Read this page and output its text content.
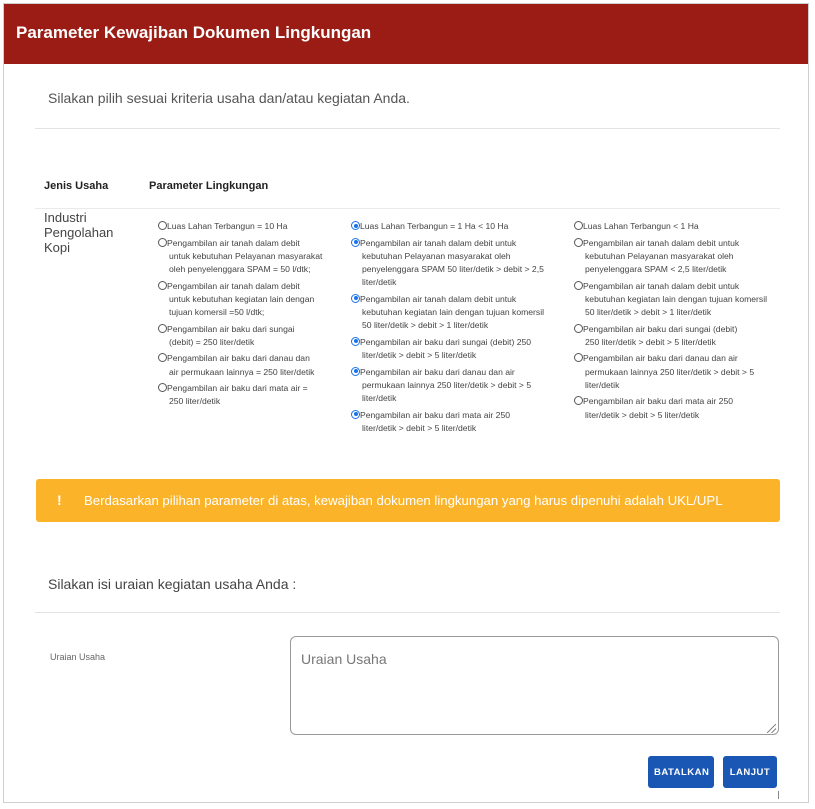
Parameter Kewajiban Dokumen Lingkungan
Silakan pilih sesuai kriteria usaha dan/atau kegiatan Anda.
Jenis Usaha	Parameter Lingkungan
Industri Pengolahan Kopi
Luas Lahan Terbangun = 10 Ha
Pengambilan air tanah dalam debit
untuk kebutuhan Pelayanan masyarakat oleh penyelenggara SPAM = 50 l/dtk;
Pengambilan air tanah dalam debit
untuk kebutuhan kegiatan lain dengan tujuan komersil =50 l/dtk;
Pengambilan air baku dari sungai
(debit) = 250 liter/detik
Pengambilan air baku dari danau dan
air permukaan lainnya = 250 liter/detik
Pengambilan air baku dari mata air =
250 liter/detik
Luas Lahan Terbangun = 1 Ha < 10 Ha
Pengambilan air tanah dalam debit untuk
kebutuhan Pelayanan masyarakat oleh penyelenggara SPAM 50 liter/detik > debit > 2,5 liter/detik
Pengambilan air tanah dalam debit untuk
kebutuhan kegiatan lain dengan tujuan komersil 50 liter/detik > debit > 1 liter/detik
Pengambilan air baku dari sungai (debit) 250
liter/detik > debit > 5 liter/detik
Pengambilan air baku dari danau dan air
permukaan lainnya 250 liter/detik > debit > 5 liter/detik
Pengambilan air baku dari mata air 250
liter/detik > debit > 5 liter/detik
Luas Lahan Terbangun < 1 Ha
Pengambilan air tanah dalam debit untuk
kebutuhan Pelayanan masyarakat oleh penyelenggara SPAM < 2,5 liter/detik
Pengambilan air tanah dalam debit untuk
kebutuhan kegiatan lain dengan tujuan komersil 50 liter/detik > debit > 1 liter/detik
Pengambilan air baku dari sungai (debit)
250 liter/detik > debit > 5 liter/detik
Pengambilan air baku dari danau dan air
permukaan lainnya 250 liter/detik > debit > 5 liter/detik
Pengambilan air baku dari mata air 250
liter/detik > debit > 5 liter/detik
! Berdasarkan pilihan parameter di atas, kewajiban dokumen lingkungan yang harus dipenuhi adalah UKL/UPL
Silakan isi uraian kegiatan usaha Anda :
Uraian Usaha
Uraian Usaha
BATALKAN	LANJUT
